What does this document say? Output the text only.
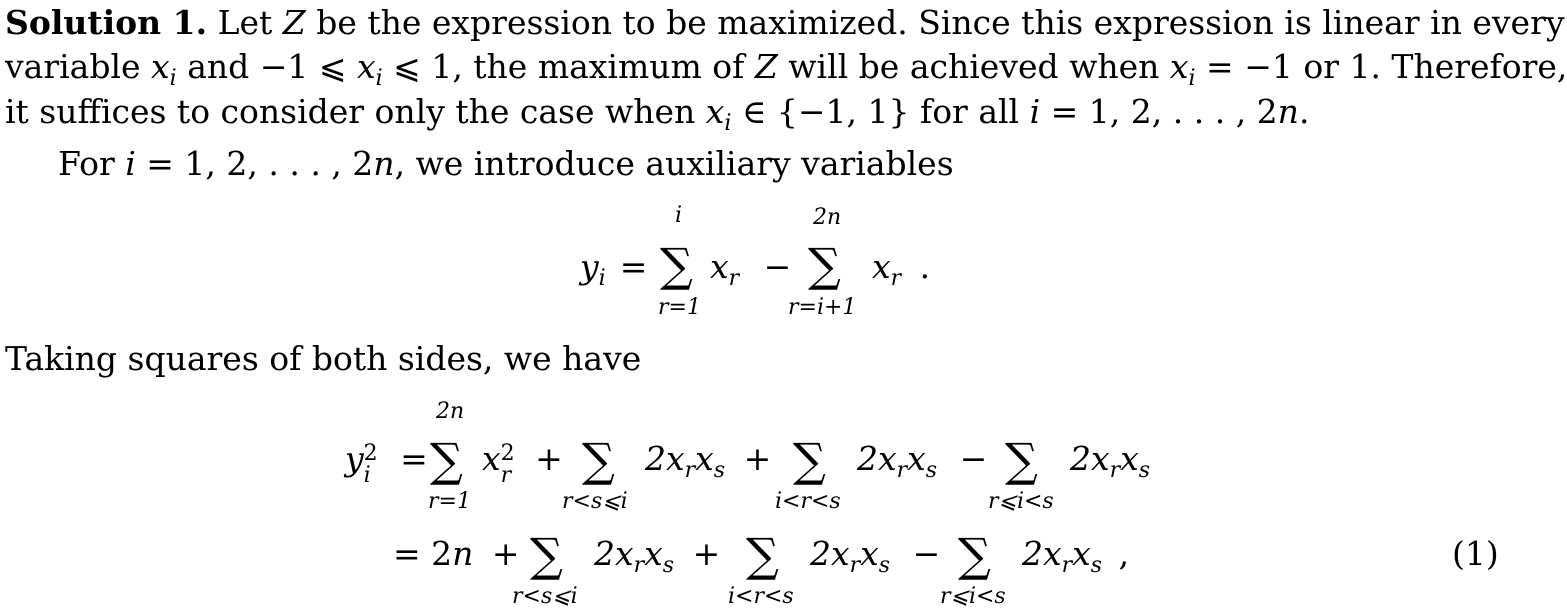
Solution 1. Let Z be the expression to be maximized. Since this expression is linear in every
variable $x_i$ and −1 ⩽ $x_i$ ⩽ 1, the maximum of Z will be achieved when $x_i = -1$ or 1. Therefore,
it suffices to consider only the case when $x_i$ ∈ {−1, 1} for all i = 1, 2, . . . , 2n.
For i = 1, 2, . . . , 2n, we introduce auxiliary variables
$y_i$ =
i
∑
r=1
$x_r$ −
2n
∑
r=i+1
$x_r$ .
Taking squares of both sides, we have
y 2
i =
2n
∑
r=1
x 2
r + ∑
r<s⩽i
$2x_rx_s$ + ∑
i<r<s
$2x_rx_s$ − ∑
r⩽i<s
$2x_rx_s$
= 2n + ∑
r<s⩽i
$2x_rx_s$ + ∑
i<r<s
$2x_rx_s$ − ∑
r⩽i<s
$2x_rx_s$ ,	(1)
